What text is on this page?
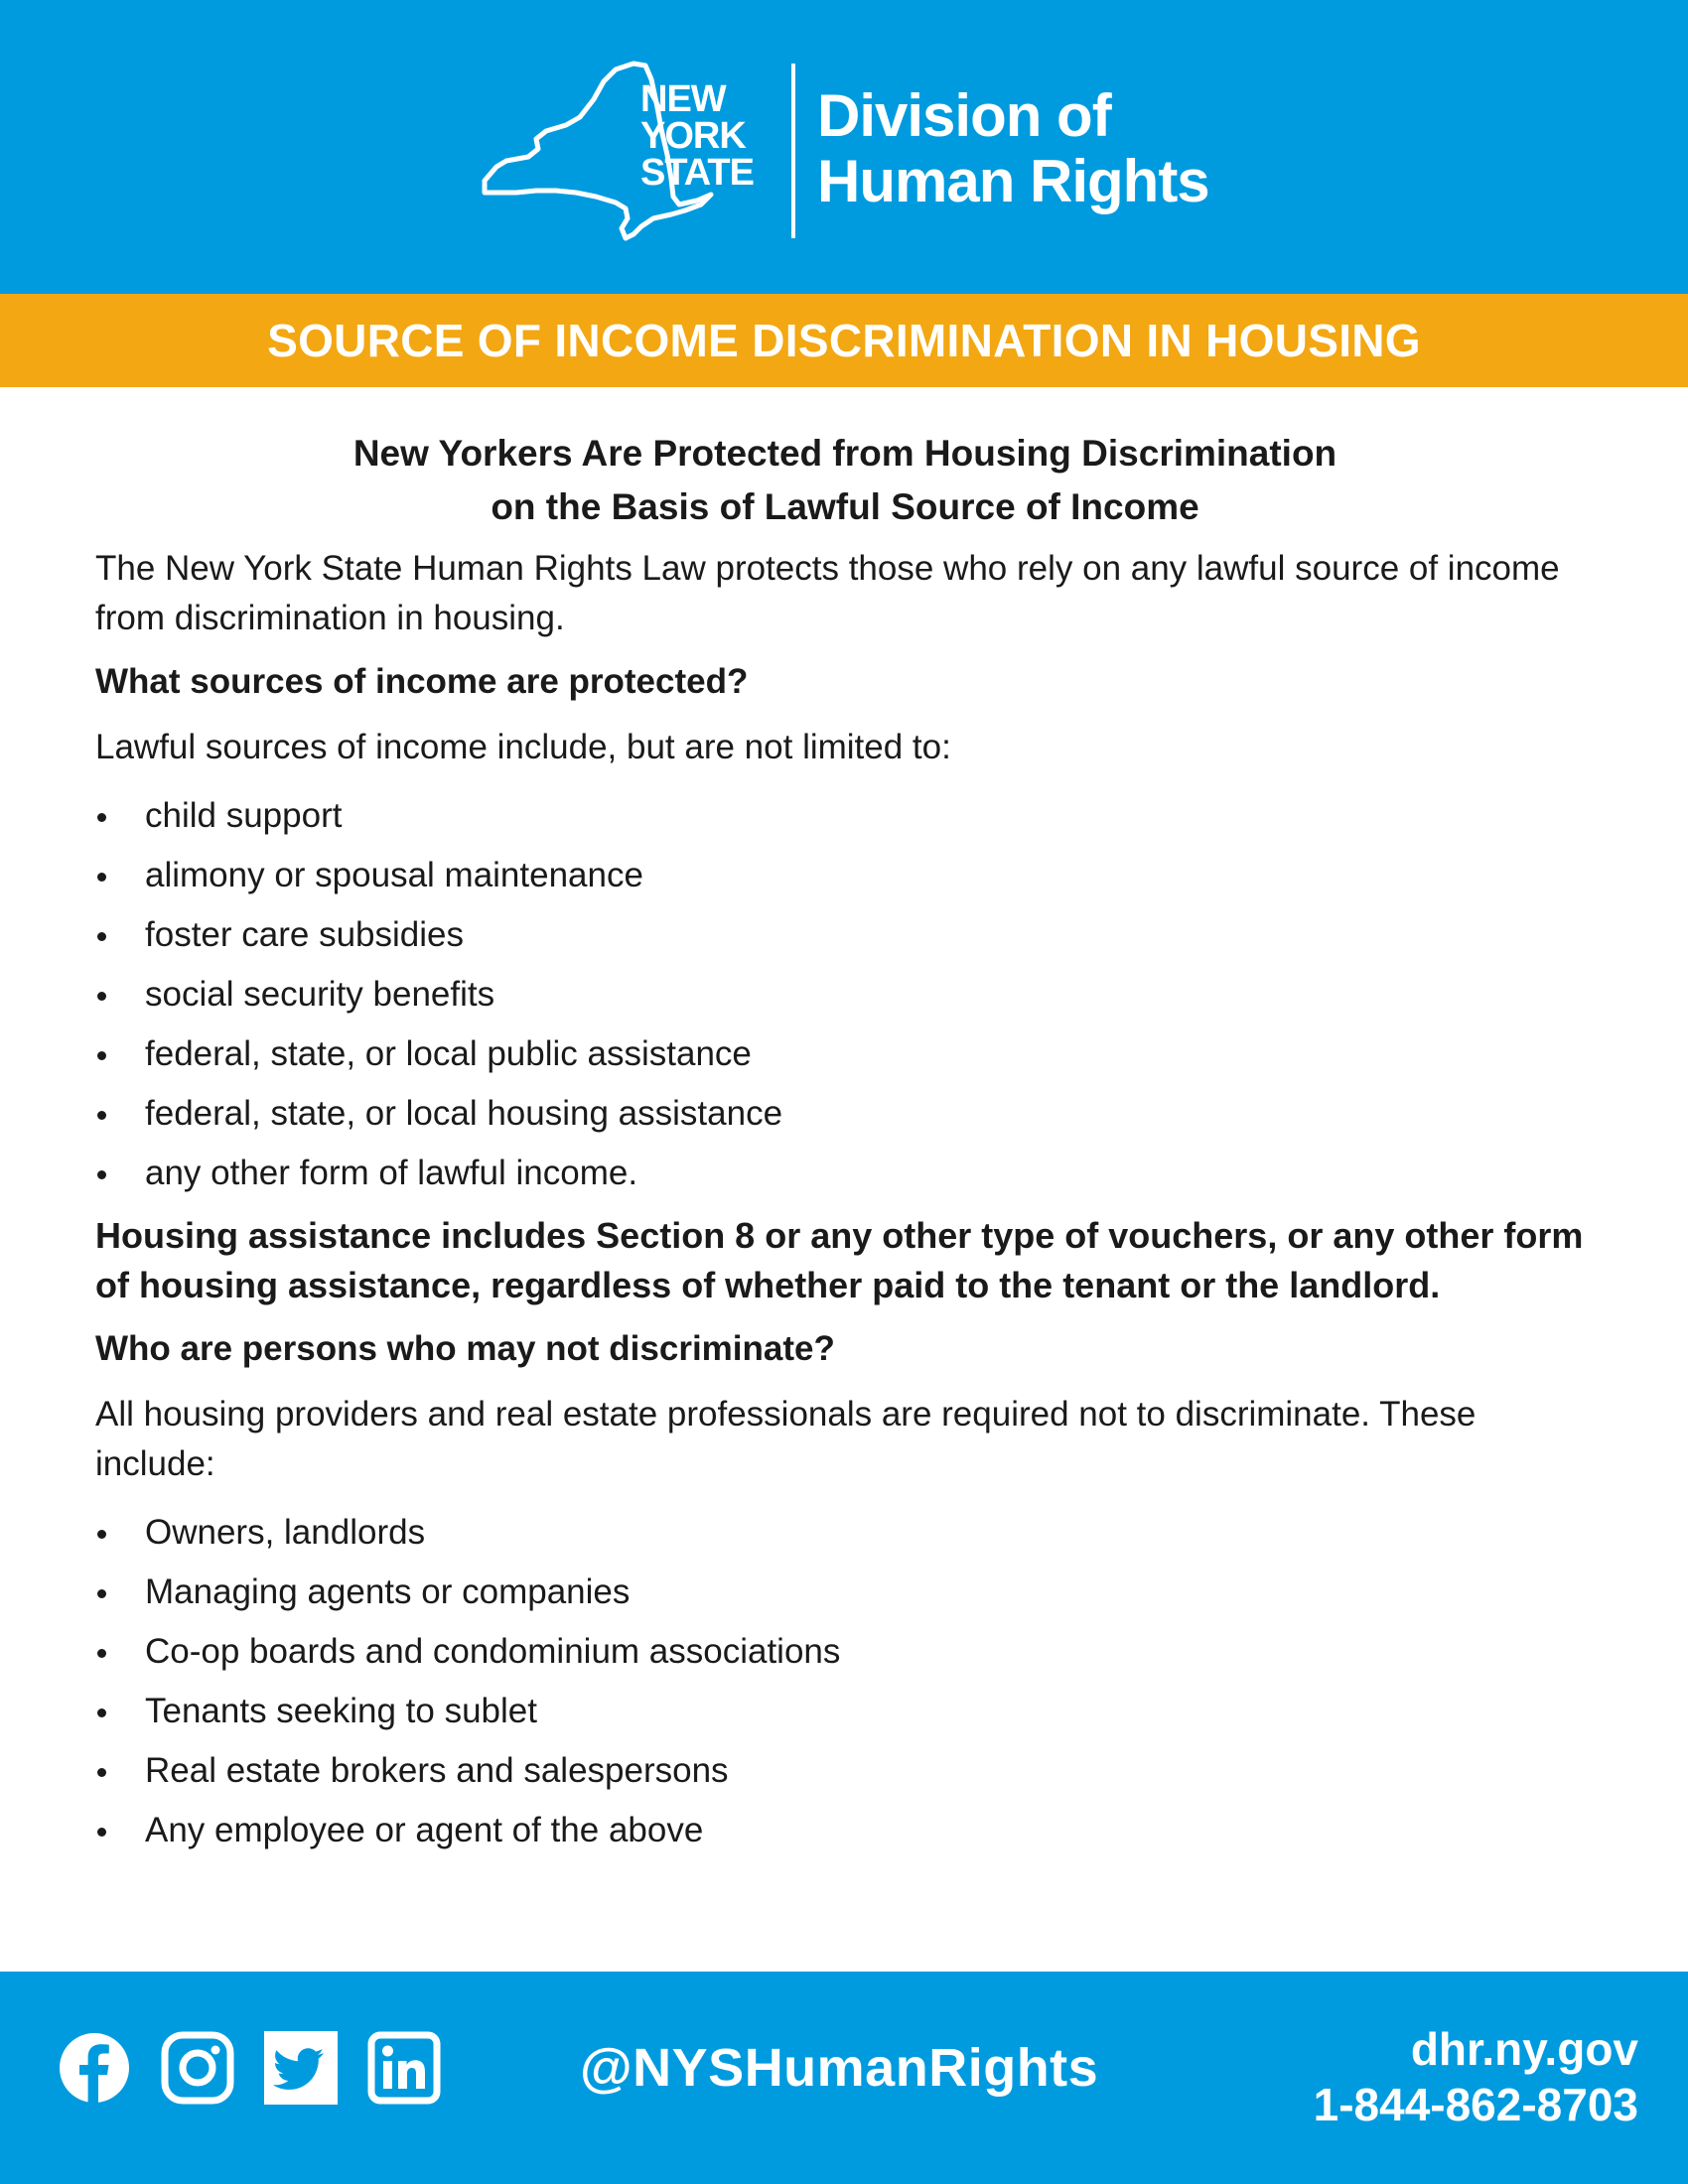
NEW
YORK
STATE
Division of
Human Rights
SOURCE OF INCOME DISCRIMINATION IN HOUSING
New Yorkers Are Protected from Housing Discrimination
on the Basis of Lawful Source of Income

The New York State Human Rights Law protects those who rely on any lawful source of income from discrimination in housing.

What sources of income are protected?

Lawful sources of income include, but are not limited to:

child support
alimony or spousal maintenance
foster care subsidies
social security benefits
federal, state, or local public assistance
federal, state, or local housing assistance
any other form of lawful income.

Housing assistance includes Section 8 or any other type of vouchers, or any other form of housing assistance, regardless of whether paid to the tenant or the landlord.

Who are persons who may not discriminate?

All housing providers and real estate professionals are required not to discriminate. These include:

Owners, landlords
Managing agents or companies
Co-op boards and condominium associations
Tenants seeking to sublet
Real estate brokers and salespersons
Any employee or agent of the above
@NYSHumanRights	dhr.ny.gov
1-844-862-8703
